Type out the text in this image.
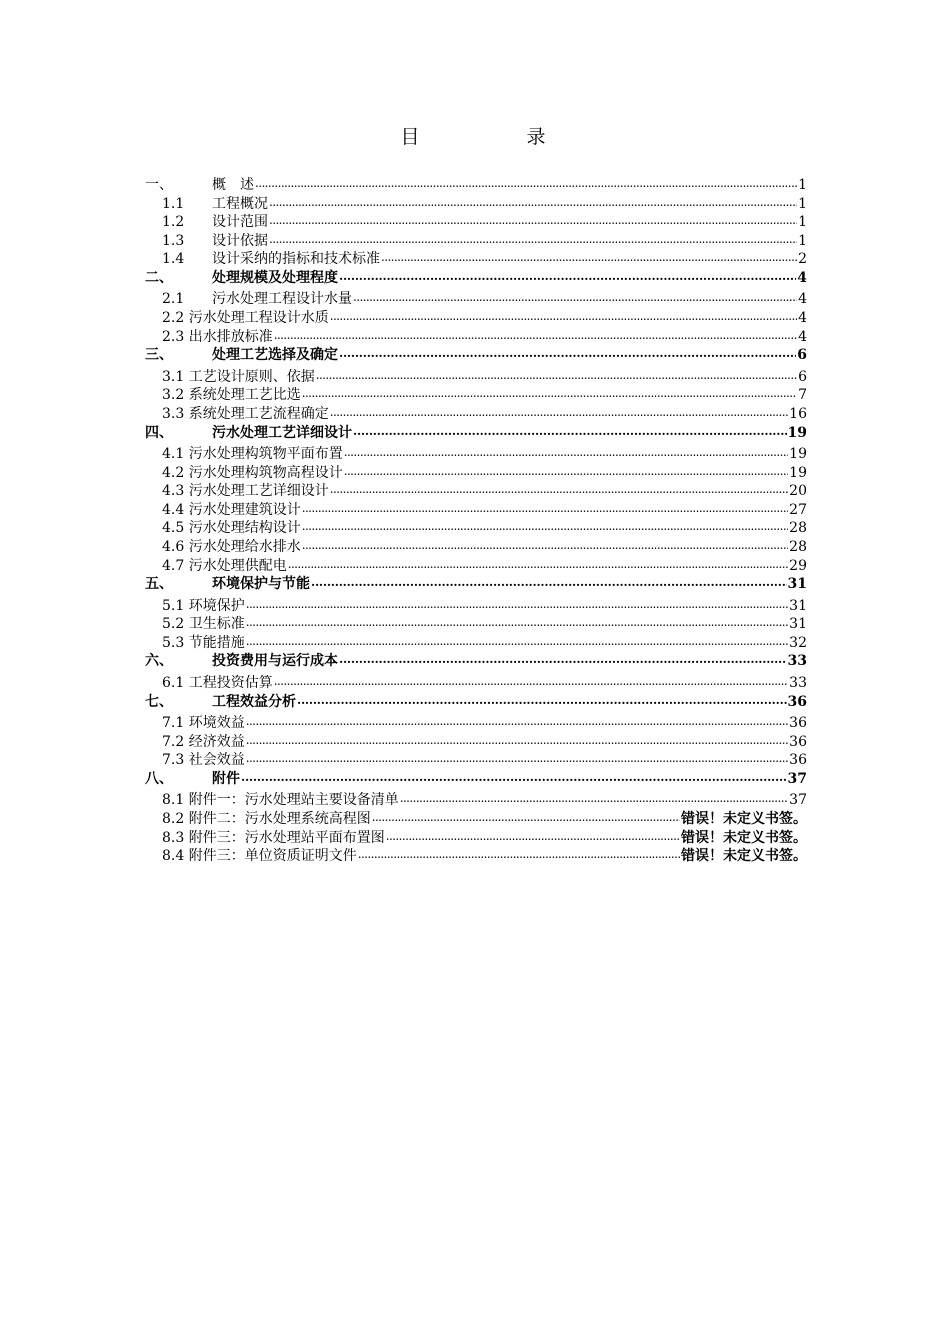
目　录
一、	概　述 . . .	1
1.1	工程概况 . . .	1
1.2	设计范围 . . .	1
1.3	设计依据 . . .	1
1.4	设计采纳的指标和技术标准 . . .	2
二、	处理规模及处理程度 . . .	4
2.1	污水处理工程设计水量 . . .	4
2.2 污水处理工程设计水质 . . .	4
2.3 出水排放标准 . . .	4
三、	处理工艺选择及确定 . . .	6
3.1 工艺设计原则、依据 . . .	6
3.2 系统处理工艺比选 . . .	7
3.3 系统处理工艺流程确定 . . .	16
四、	污水处理工艺详细设计 . . .	19
4.1 污水处理构筑物平面布置 . . .	19
4.2 污水处理构筑物高程设计 . . .	19
4.3 污水处理工艺详细设计 . . .	20
4.4 污水处理建筑设计 . . .	27
4.5 污水处理结构设计 . . .	28
4.6 污水处理给水排水 . . .	28
4.7 污水处理供配电 . . .	29
五、	环境保护与节能 . . .	31
5.1 环境保护 . . .	31
5.2 卫生标准 . . .	31
5.3 节能措施 . . .	32
六、	投资费用与运行成本 . . .	33
6.1 工程投资估算 . . .	33
七、	工程效益分析 . . .	36
7.1 环境效益 . . .	36
7.2 经济效益 . . .	36
7.3 社会效益 . . .	36
八、	附件 . . .	37
8.1 附件一：污水处理站主要设备清单 . . .	37
8.2 附件二：污水处理系统高程图 . . .	错误！未定义书签。
8.3 附件三：污水处理站平面布置图 . . .	错误！未定义书签。
8.4 附件三：单位资质证明文件 . . .	错误！未定义书签。
